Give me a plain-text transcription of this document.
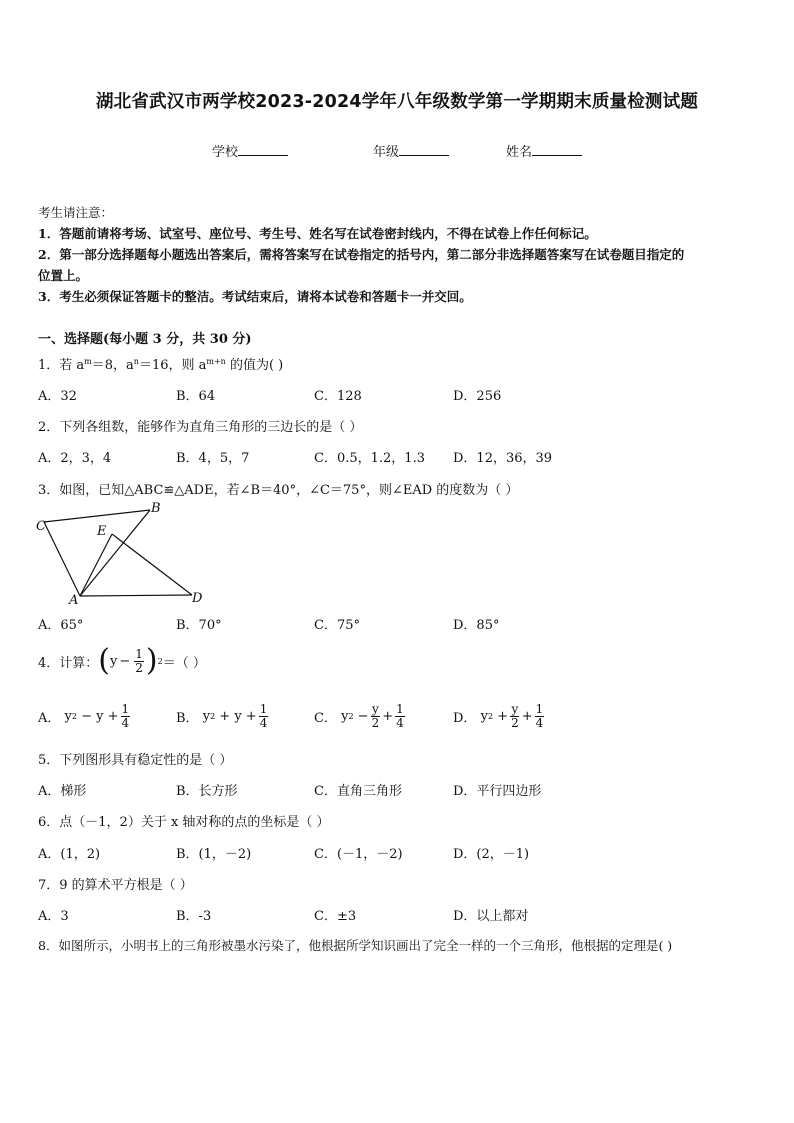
湖北省武汉市两学校2023-2024学年八年级数学第一学期期末质量检测试题
学校	年级	姓名
考生请注意：
1．答题前请将考场、试室号、座位号、考生号、姓名写在试卷密封线内，不得在试卷上作任何标记。
2．第一部分选择题每小题选出答案后，需将答案写在试卷指定的括号内，第二部分非选择题答案写在试卷题目指定的
位置上。
3．考生必须保证答题卡的整洁。考试结束后，请将本试卷和答题卡一并交回。
一、选择题(每小题 3 分，共 30 分)
1．若 $a^m=8$，$a^n=16$，则 $a^{m+n}$ 的值为( )
A．32	B．64	C．128	D．256
2．下列各组数，能够作为直角三角形的三边长的是（ ）
A．2，3，4	B．4，5，7	C．0.5，1.2，1.3 D．12，36，39
3．如图，已知△ABC≌△ADE，若∠B＝40°，∠C＝75°，则∠EAD 的度数为（ ）
C
B
E
A	D
A．65°	B．70°	C．75°	D．85°
4．计算： ( $y - \frac{1}{2}$ ) 2 ＝（ ）
A．
y $2 - y + \frac{1}{4}$	B．
y $2 + y + \frac{1}{4}$	C．
y $2 - \frac{y}{2} + \frac{1}{4}$	D．
y $2 + \frac{y}{2} + \frac{1}{4}$
5．下列图形具有稳定性的是（ ）
A．梯形	B．长方形	C．直角三角形	D．平行四边形
6．点（－1，2）关于 x 轴对称的点的坐标是（ ）
A．(1，2)	B．(1，－2)	C．(－1，－2)	D．(2，－1)
7．9 的算术平方根是（ ）
A．3	B．-3	C．±3	D．以上都对
8．如图所示，小明书上的三角形被墨水污染了，他根据所学知识画出了完全一样的一个三角形，他根据的定理是( )
